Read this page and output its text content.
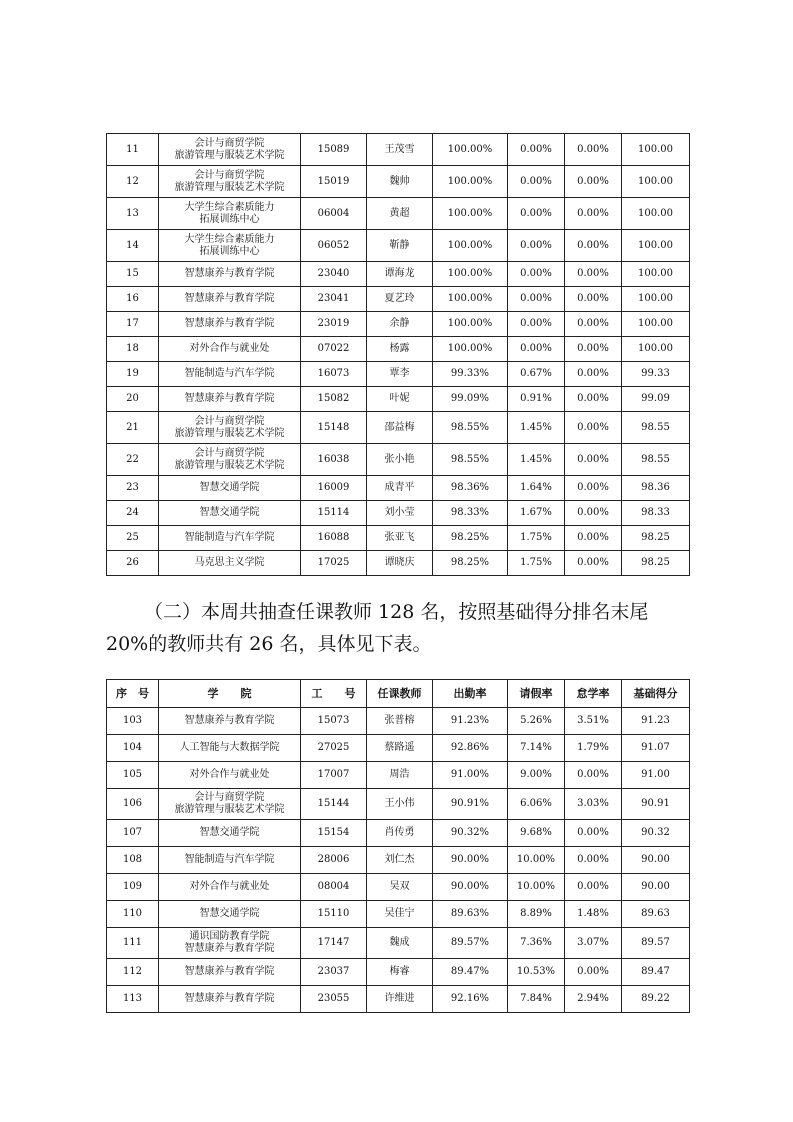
11	会计与商贸学院
旅游管理与服装艺术学院	15089	王茂雪	100.00%	0.00%	0.00%	100.00
12	会计与商贸学院
旅游管理与服装艺术学院	15019	魏帅	100.00%	0.00%	0.00%	100.00
13	大学生综合素质能力
拓展训练中心	06004	黄超	100.00%	0.00%	0.00%	100.00
14	大学生综合素质能力
拓展训练中心	06052	靳静	100.00%	0.00%	0.00%	100.00
15	智慧康养与教育学院	23040	谭海龙	100.00%	0.00%	0.00%	100.00
16	智慧康养与教育学院	23041	夏艺玲	100.00%	0.00%	0.00%	100.00
17	智慧康养与教育学院	23019	余静	100.00%	0.00%	0.00%	100.00
18	对外合作与就业处	07022	杨露	100.00%	0.00%	0.00%	100.00
19	智能制造与汽车学院	16073	覃李	99.33%	0.67%	0.00%	99.33
20	智慧康养与教育学院	15082	叶妮	99.09%	0.91%	0.00%	99.09
21	会计与商贸学院
旅游管理与服装艺术学院	15148	邵益梅	98.55%	1.45%	0.00%	98.55
22	会计与商贸学院
旅游管理与服装艺术学院	16038	张小艳	98.55%	1.45%	0.00%	98.55
23	智慧交通学院	16009	成青平	98.36%	1.64%	0.00%	98.36
24	智慧交通学院	15114	刘小莹	98.33%	1.67%	0.00%	98.33
25	智能制造与汽车学院	16088	张亚飞	98.25%	1.75%	0.00%	98.25
26	马克思主义学院	17025	谭晓庆	98.25%	1.75%	0.00%	98.25

（二）本周共抽查任课教师 128 名，按照基础得分排名末尾
20%的教师共有 26 名，具体见下表。

序　号	学　　院	工　　号	任课教师	出勤率	请假率	怠学率	基础得分
103	智慧康养与教育学院	15073	张普榕	91.23%	5.26%	3.51%	91.23
104	人工智能与大数据学院	27025	蔡路遥	92.86%	7.14%	1.79%	91.07
105	对外合作与就业处	17007	周浩	91.00%	9.00%	0.00%	91.00
106	会计与商贸学院
旅游管理与服装艺术学院	15144	王小伟	90.91%	6.06%	3.03%	90.91
107	智慧交通学院	15154	肖传勇	90.32%	9.68%	0.00%	90.32
108	智能制造与汽车学院	28006	刘仁杰	90.00%	10.00%	0.00%	90.00
109	对外合作与就业处	08004	吴双	90.00%	10.00%	0.00%	90.00
110	智慧交通学院	15110	吴佳宁	89.63%	8.89%	1.48%	89.63
111	通识国防教育学院
智慧康养与教育学院	17147	魏成	89.57%	7.36%	3.07%	89.57
112	智慧康养与教育学院	23037	梅睿	89.47%	10.53%	0.00%	89.47
113	智慧康养与教育学院	23055	许维进	92.16%	7.84%	2.94%	89.22
